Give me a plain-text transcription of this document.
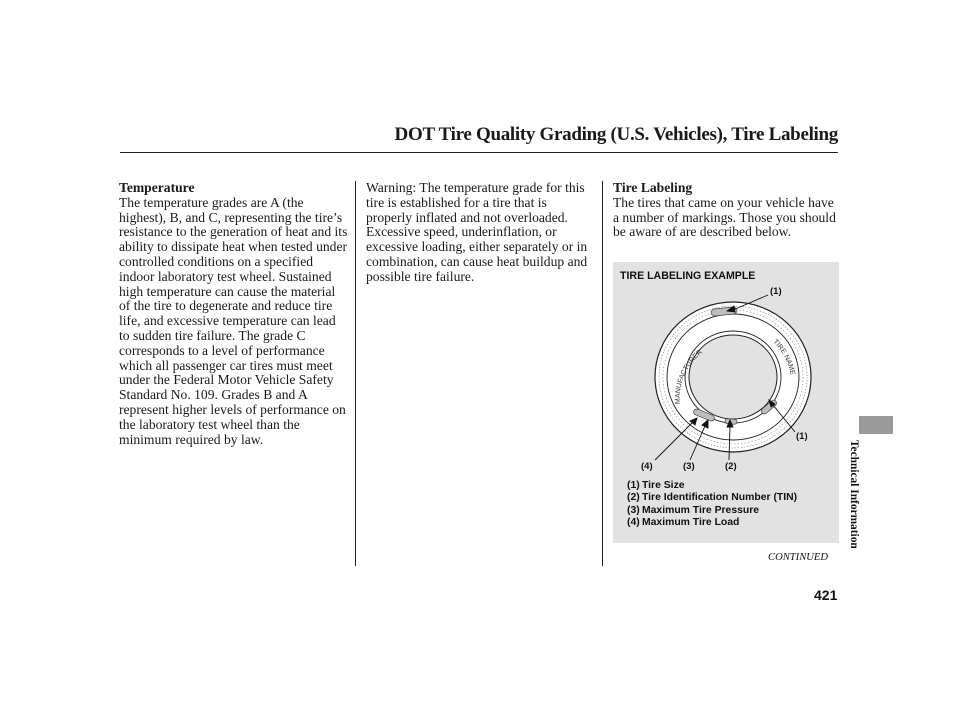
DOT Tire Quality Grading (U.S. Vehicles), Tire Labeling

Temperature

The temperature grades are A (the highest), B, and C, representing the tire’s resistance to the generation of heat and its ability to dissipate heat when tested under controlled conditions on a specified indoor laboratory test wheel. Sustained high temperature can cause the material of the tire to degenerate and reduce tire life, and excessive temperature can lead to sudden tire failure. The grade C corresponds to a level of performance which all passenger car tires must meet under the Federal Motor Vehicle Safety Standard No. 109. Grades B and A represent higher levels of performance on the laboratory test wheel than the minimum required by law.

Warning: The temperature grade for this tire is established for a tire that is properly inflated and not overloaded. Excessive speed, underinflation, or excessive loading, either separately or in combination, can cause heat buildup and possible tire failure.

Tire Labeling

The tires that came on your vehicle have a number of markings. Those you should be aware of are described below.

TIRE LABELING EXAMPLE
MANUFACTURER
TIRE NAME
(1)
(1)
(4)	(3)	(2)
(1) Tire Size
(2) Tire Identification Number (TIN)
(3) Maximum Tire Pressure
(4) Maximum Tire Load	Technical Information
CONTINUED
421
